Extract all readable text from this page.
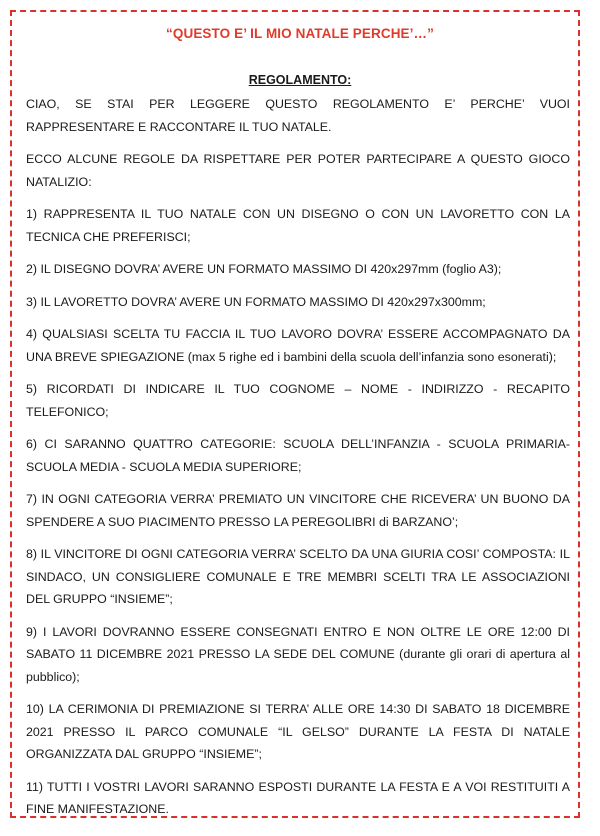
“QUESTO E’ IL MIO NATALE PERCHE’…”
REGOLAMENTO:

CIAO, SE STAI PER LEGGERE QUESTO REGOLAMENTO E’ PERCHE’ VUOI RAPPRESENTARE E RACCONTARE IL TUO NATALE.

ECCO ALCUNE REGOLE DA RISPETTARE PER POTER PARTECIPARE A QUESTO GIOCO NATALIZIO:

1) RAPPRESENTA IL TUO NATALE CON UN DISEGNO O CON UN LAVORETTO CON LA TECNICA CHE PREFERISCI;

2) IL DISEGNO DOVRA’ AVERE UN FORMATO MASSIMO DI 420x297mm (foglio A3);

3) IL LAVORETTO DOVRA’ AVERE UN FORMATO MASSIMO DI 420x297x300mm;

4) QUALSIASI SCELTA TU FACCIA IL TUO LAVORO DOVRA’ ESSERE ACCOMPAGNATO DA UNA BREVE SPIEGAZIONE (max 5 righe ed i bambini della scuola dell’infanzia sono esonerati);

5) RICORDATI DI INDICARE IL TUO COGNOME – NOME - INDIRIZZO - RECAPITO TELEFONICO;

6) CI SARANNO QUATTRO CATEGORIE: SCUOLA DELL’INFANZIA - SCUOLA PRIMARIA-SCUOLA MEDIA - SCUOLA MEDIA SUPERIORE;

7) IN OGNI CATEGORIA VERRA’ PREMIATO UN VINCITORE CHE RICEVERA’ UN BUONO DA SPENDERE A SUO PIACIMENTO PRESSO LA PEREGOLIBRI di BARZANO’;

8) IL VINCITORE DI OGNI CATEGORIA VERRA’ SCELTO DA UNA GIURIA COSI’ COMPOSTA: IL SINDACO, UN CONSIGLIERE COMUNALE E TRE MEMBRI SCELTI TRA LE ASSOCIAZIONI DEL GRUPPO “INSIEME”;

9) I LAVORI DOVRANNO ESSERE CONSEGNATI ENTRO E NON OLTRE LE ORE 12:00 DI SABATO 11 DICEMBRE 2021 PRESSO LA SEDE DEL COMUNE (durante gli orari di apertura al pubblico);

10) LA CERIMONIA DI PREMIAZIONE SI TERRA’ ALLE ORE 14:30 DI SABATO 18 DICEMBRE 2021 PRESSO IL PARCO COMUNALE “IL GELSO” DURANTE LA FESTA DI NATALE ORGANIZZATA DAL GRUPPO “INSIEME”;

11) TUTTI I VOSTRI LAVORI SARANNO ESPOSTI DURANTE LA FESTA E A VOI RESTITUITI A FINE MANIFESTAZIONE.
